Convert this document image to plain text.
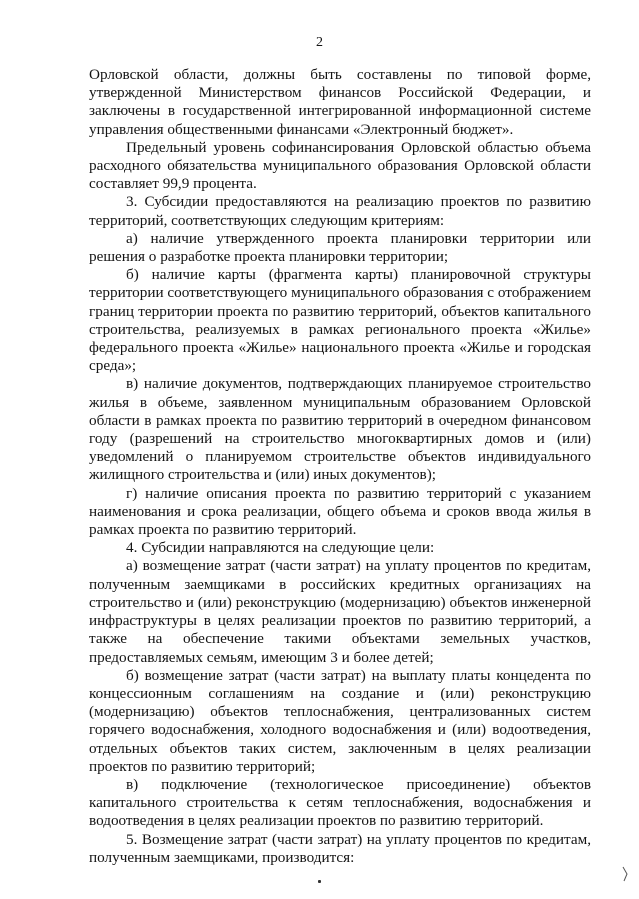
2

Орловской области, должны быть составлены по типовой форме, утвержденной Министерством финансов Российской Федерации, и заключены в государственной интегрированной информационной системе управления общественными финансами «Электронный бюджет».

Предельный уровень софинансирования Орловской областью объема расходного обязательства муниципального образования Орловской области составляет 99,9 процента.

3. Субсидии предоставляются на реализацию проектов по развитию территорий, соответствующих следующим критериям:

а) наличие утвержденного проекта планировки территории или решения о разработке проекта планировки территории;

б) наличие карты (фрагмента карты) планировочной структуры территории соответствующего муниципального образования с отображением границ территории проекта по развитию территорий, объектов капитального строительства, реализуемых в рамках регионального проекта «Жилье» федерального проекта «Жилье» национального проекта «Жилье и городская среда»;

в) наличие документов, подтверждающих планируемое строительство жилья в объеме, заявленном муниципальным образованием Орловской области в рамках проекта по развитию территорий в очередном финансовом году (разрешений на строительство многоквартирных домов и (или) уведомлений о планируемом строительстве объектов индивидуального жилищного строительства и (или) иных документов);

г) наличие описания проекта по развитию территорий с указанием наименования и срока реализации, общего объема и сроков ввода жилья в рамках проекта по развитию территорий.

4. Субсидии направляются на следующие цели:

а) возмещение затрат (части затрат) на уплату процентов по кредитам, полученным заемщиками в российских кредитных организациях на строительство и (или) реконструкцию (модернизацию) объектов инженерной инфраструктуры в целях реализации проектов по развитию территорий, а также на обеспечение такими объектами земельных участков, предоставляемых семьям, имеющим 3 и более детей;

б) возмещение затрат (части затрат) на выплату платы концедента по концессионным соглашениям на создание и (или) реконструкцию (модернизацию) объектов теплоснабжения, централизованных систем горячего водоснабжения, холодного водоснабжения и (или) водоотведения, отдельных объектов таких систем, заключенным в целях реализации проектов по развитию территорий;

в) подключение (технологическое присоединение) объектов капитального строительства к сетям теплоснабжения, водоснабжения и водоотведения в целях реализации проектов по развитию территорий.

5. Возмещение затрат (части затрат) на уплату процентов по кредитам, полученным заемщиками, производится:
